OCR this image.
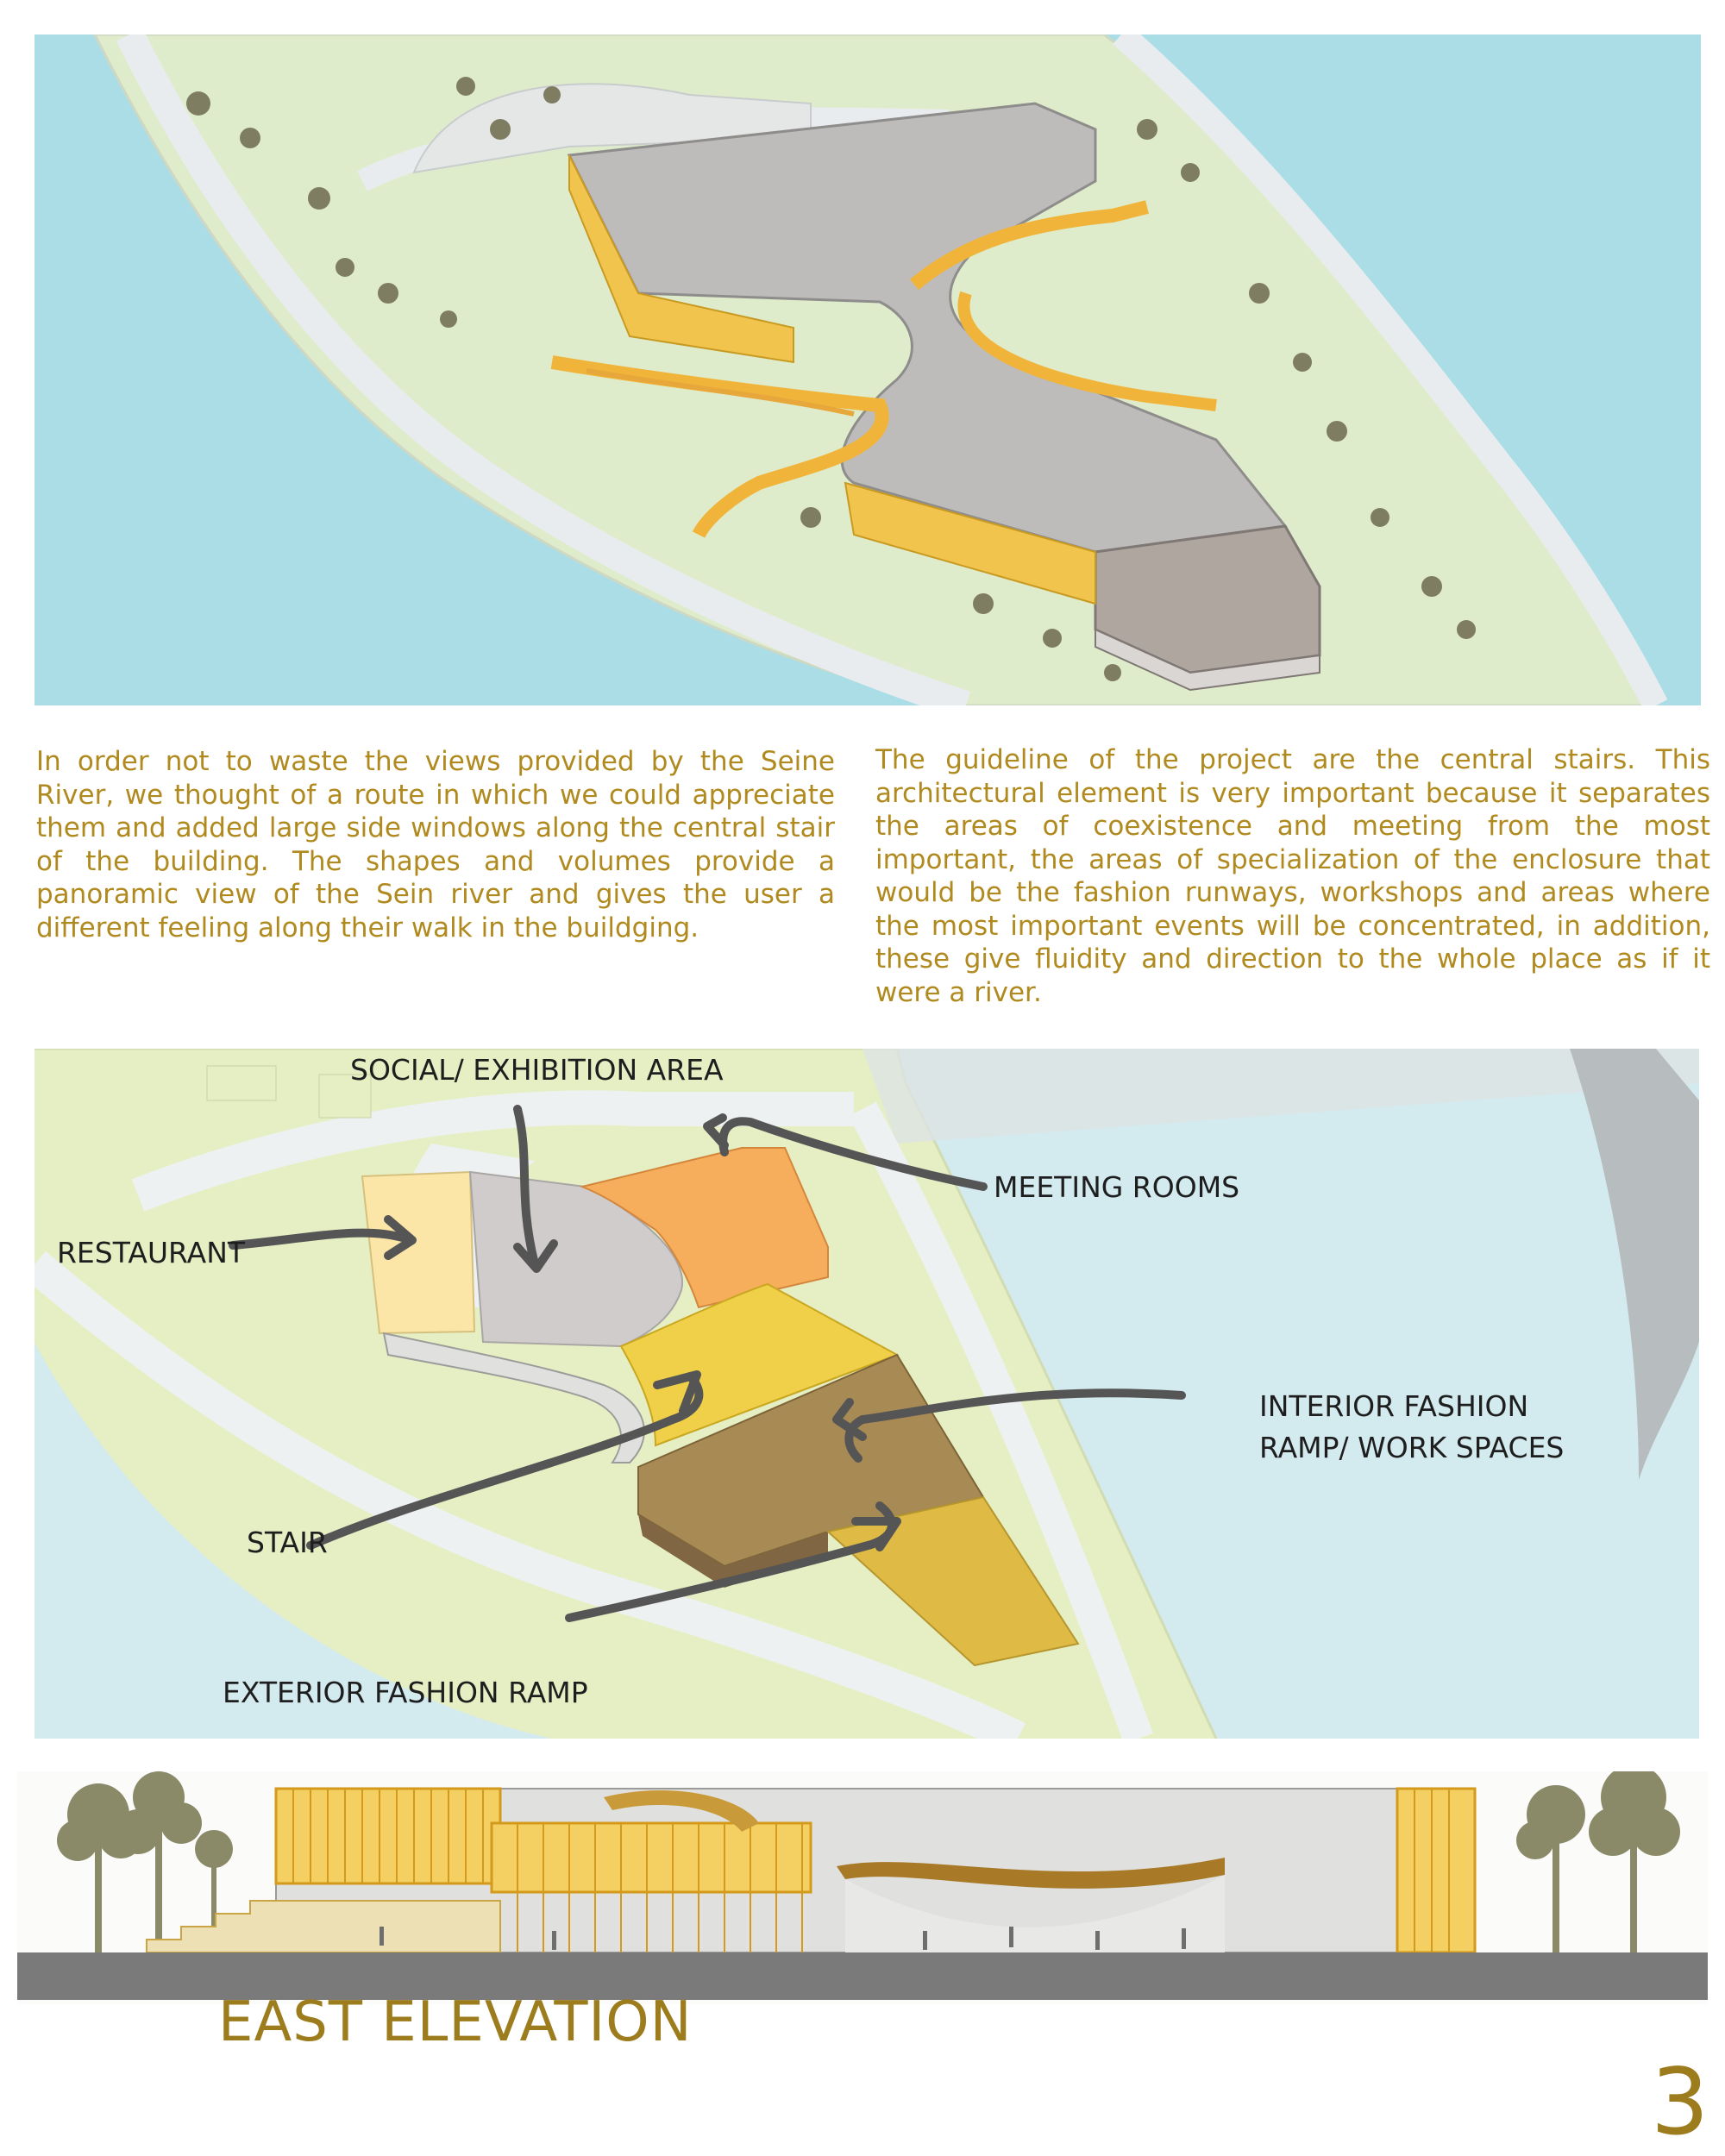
In order not to waste the views provided by the Seine River, we thought of a route in which we could appreciate them and added large side windows along the central stair of the building. The shapes and volumes provide a panoramic view of the Sein river and gives the user a different feeling along their walk in the buildging.
The guideline of the project are the central stairs. This architectural element is very important because it separates the areas of coexistence and meeting from the most important, the areas of specialization of the enclosure that would be the fashion runways, workshops and areas where the most important events will be concentrated, in addition, these give fluidity and direction to the whole place as if it were a river.
SOCIAL/ EXHIBITION AREA
MEETING ROOMS
RESTAURANT
INTERIOR FASHION
RAMP/ WORK SPACES
STAIR
EXTERIOR FASHION RAMP
EAST ELEVATION
3
